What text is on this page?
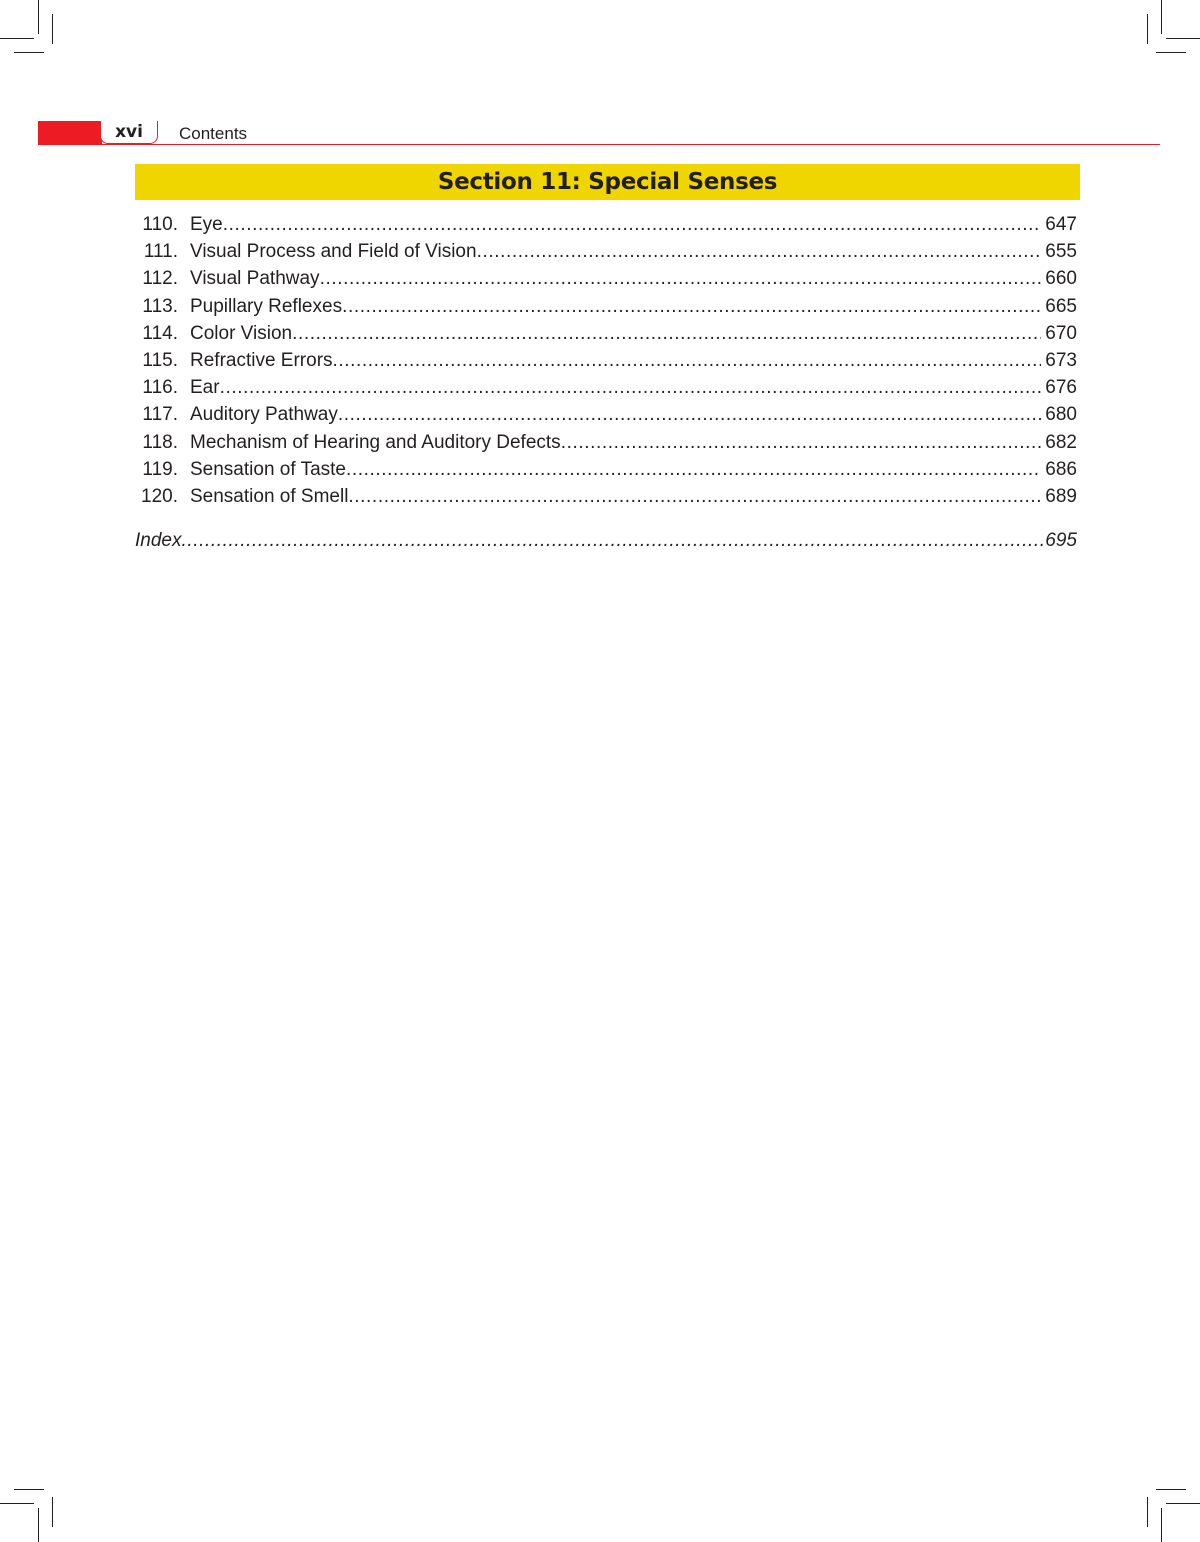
xvi	Contents
Section 11: Special Senses
110. Eye .....	647
111. Visual Process and Field of Vision .....	655
112. Visual Pathway .....	660
113. Pupillary Reflexes .....	665
114. Color Vision .....	670
115. Refractive Errors .....	673
116. Ear .....	676
117. Auditory Pathway .....	680
118. Mechanism of Hearing and Auditory Defects .....	682
119. Sensation of Taste .....	686
120. Sensation of Smell .....	689
Index .....	695
